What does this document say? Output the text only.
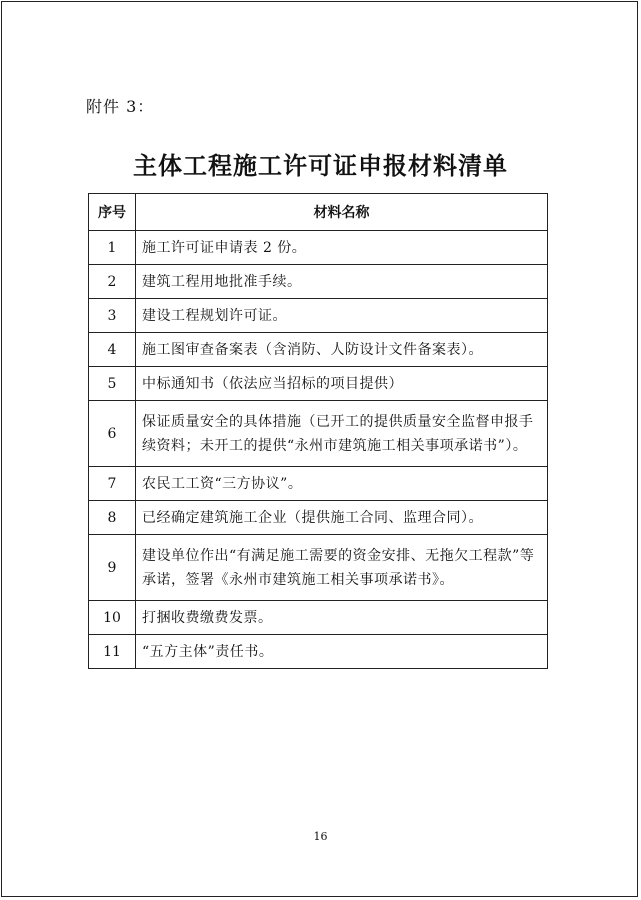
附件 3：
主体工程施工许可证申报材料清单
序号	材料名称
1	施工许可证申请表 2 份。
2	建筑工程用地批准手续。
3	建设工程规划许可证。
4	施工图审查备案表（含消防、人防设计文件备案表）。
5	中标通知书（依法应当招标的项目提供）
6	保证质量安全的具体措施（已开工的提供质量安全监督申报手续资料；未开工的提供“永州市建筑施工相关事项承诺书”）。
7	农民工工资“三方协议”。
8	已经确定建筑施工企业（提供施工合同、监理合同）。
9	建设单位作出“有满足施工需要的资金安排、无拖欠工程款”等承诺，签署《永州市建筑施工相关事项承诺书》。
10	打捆收费缴费发票。
11	“五方主体”责任书。
16
